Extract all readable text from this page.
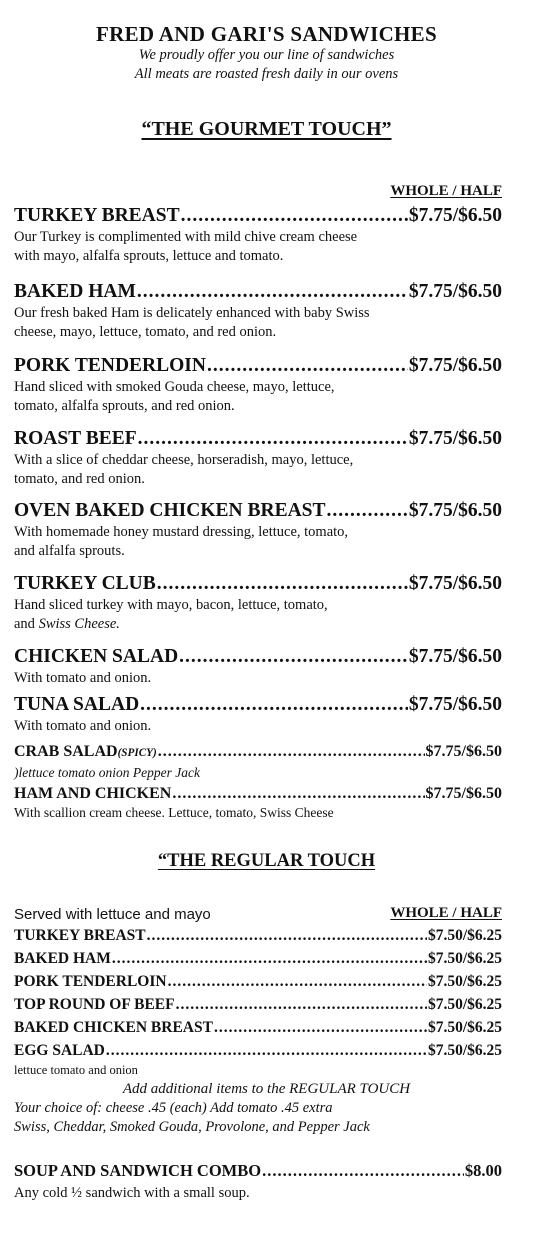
FRED AND GARI'S SANDWICHES
We proudly offer you our line of sandwiches
All meats are roasted fresh daily in our ovens
“THE GOURMET TOUCH”
WHOLE / HALF
TURKEY BREAST .....	$7.75/$6.50
Our Turkey is complimented with mild chive cream cheese
with mayo, alfalfa sprouts, lettuce and tomato.
BAKED HAM .....	$7.75/$6.50
Our fresh baked Ham is delicately enhanced with baby Swiss
cheese, mayo, lettuce, tomato, and red onion.
PORK TENDERLOIN .....	$7.75/$6.50
Hand sliced with smoked Gouda cheese, mayo, lettuce,
tomato, alfalfa sprouts, and red onion.
ROAST BEEF .....	$7.75/$6.50
With a slice of cheddar cheese, horseradish, mayo, lettuce,
tomato, and red onion.
OVEN BAKED CHICKEN BREAST .....	$7.75/$6.50
With homemade honey mustard dressing, lettuce, tomato,
and alfalfa sprouts.
TURKEY CLUB .....	$7.75/$6.50
Hand sliced turkey with mayo, bacon, lettuce, tomato,
and Swiss Cheese.
CHICKEN SALAD .....	$7.75/$6.50
With tomato and onion.
TUNA SALAD .....	$7.75/$6.50
With tomato and onion.
CRAB SALAD(SPICY) .....	$7.75/$6.50
)lettuce tomato onion Pepper Jack
HAM AND CHICKEN .....	$7.75/$6.50
With scallion cream cheese. Lettuce, tomato, Swiss Cheese
“THE REGULAR TOUCH
Served with lettuce and mayo	WHOLE / HALF
TURKEY BREAST .....	$7.50/$6.25
BAKED HAM .....	$7.50/$6.25
PORK TENDERLOIN .....	$7.50/$6.25
TOP ROUND OF BEEF .....	$7.50/$6.25
BAKED CHICKEN BREAST .....	$7.50/$6.25
EGG SALAD .....	$7.50/$6.25
lettuce tomato and onion
Add additional items to the REGULAR TOUCH
Your choice of: cheese .45 (each) Add tomato .45 extra
Swiss, Cheddar, Smoked Gouda, Provolone, and Pepper Jack
SOUP AND SANDWICH COMBO .....	$8.00
Any cold ½ sandwich with a small soup.
